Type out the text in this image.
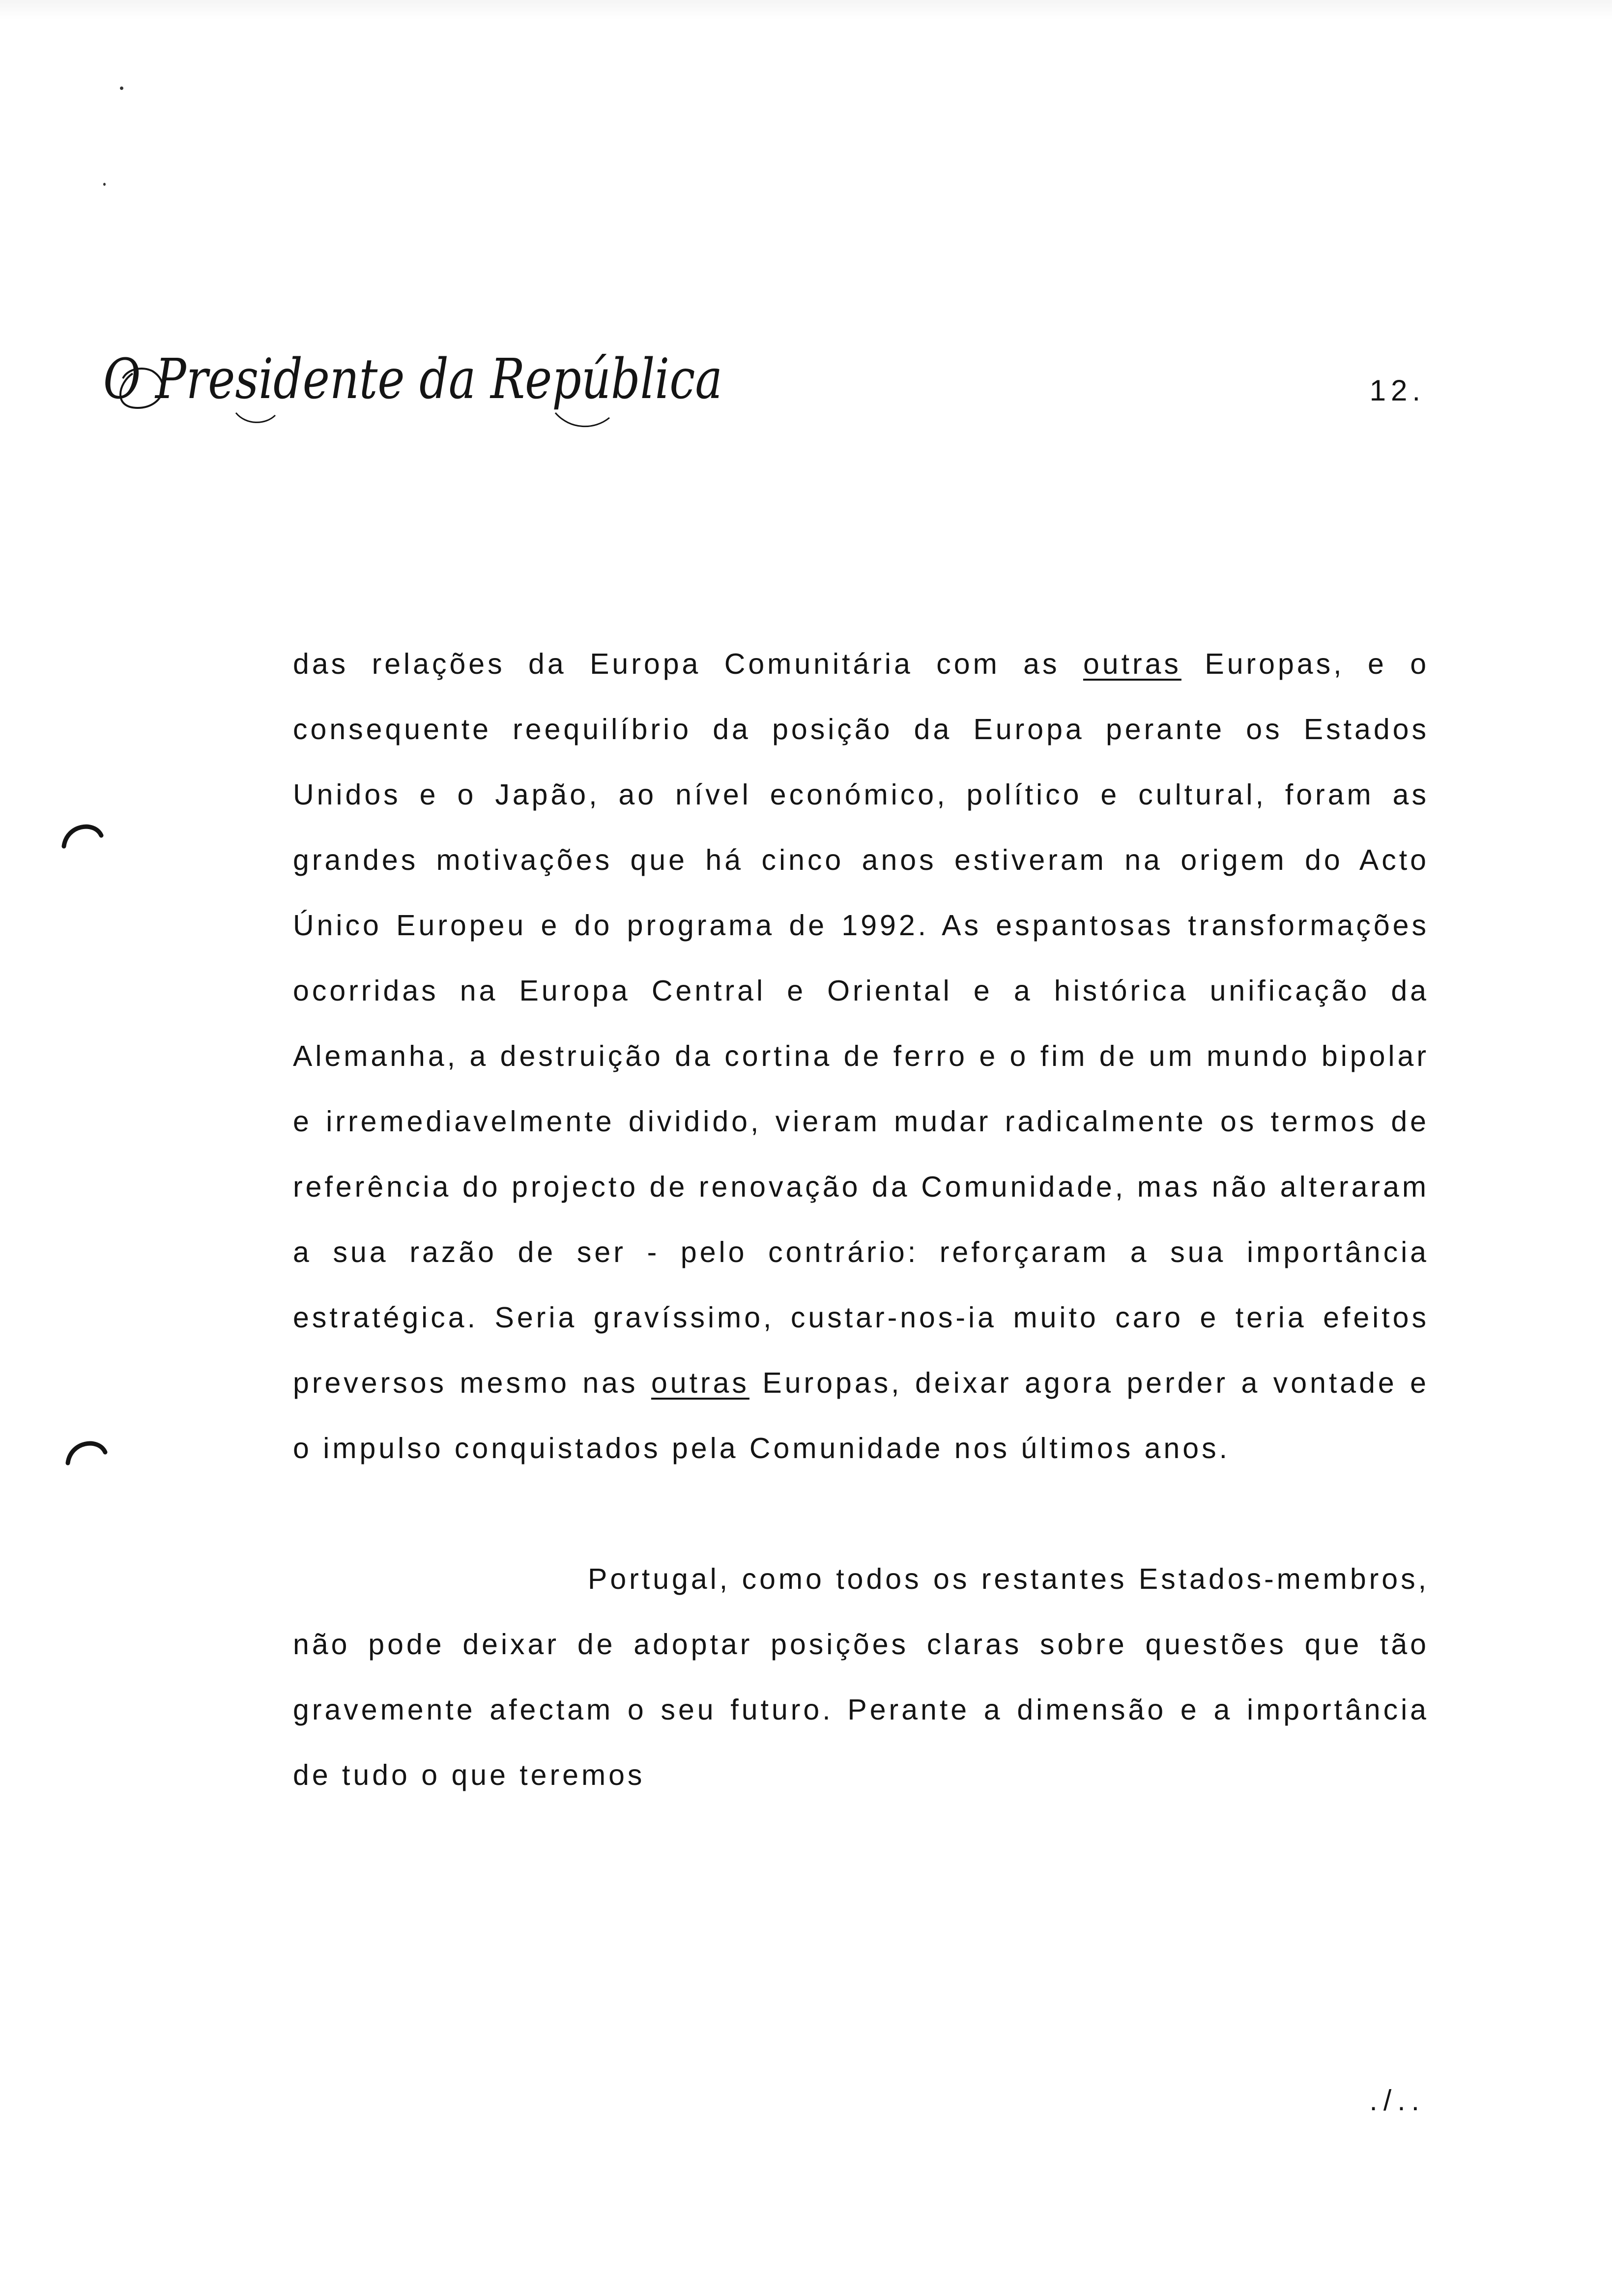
O Presidente da República	12.

das relações da Europa Comunitária com as outras Europas, e o consequente reequilíbrio da posição da Europa perante os Estados Unidos e o Japão, ao nível económico, político e cultural, foram as grandes motivações que há cinco anos estiveram na origem do Acto Único Europeu e do programa de 1992. As espantosas transformações ocorridas na Europa Central e Oriental e a histórica unificação da Alemanha, a destruição da cortina de ferro e o fim de um mundo bipolar e irremediavelmente dividido, vieram mudar radicalmente os termos de referência do projecto de renovação da Comunidade, mas não alteraram a sua razão de ser - pelo contrário: reforçaram a sua importância estratégica. Seria gravíssimo, custar-nos-ia muito caro e teria efeitos preversos mesmo nas outras Europas, deixar agora perder a vontade e o impulso conquistados pela Comunidade nos últimos anos.

Portugal, como todos os restantes Estados-membros, não pode deixar de adoptar posições claras sobre questões que tão gravemente afectam o seu futuro. Perante a dimensão e a importância de tudo o que teremos

./..
